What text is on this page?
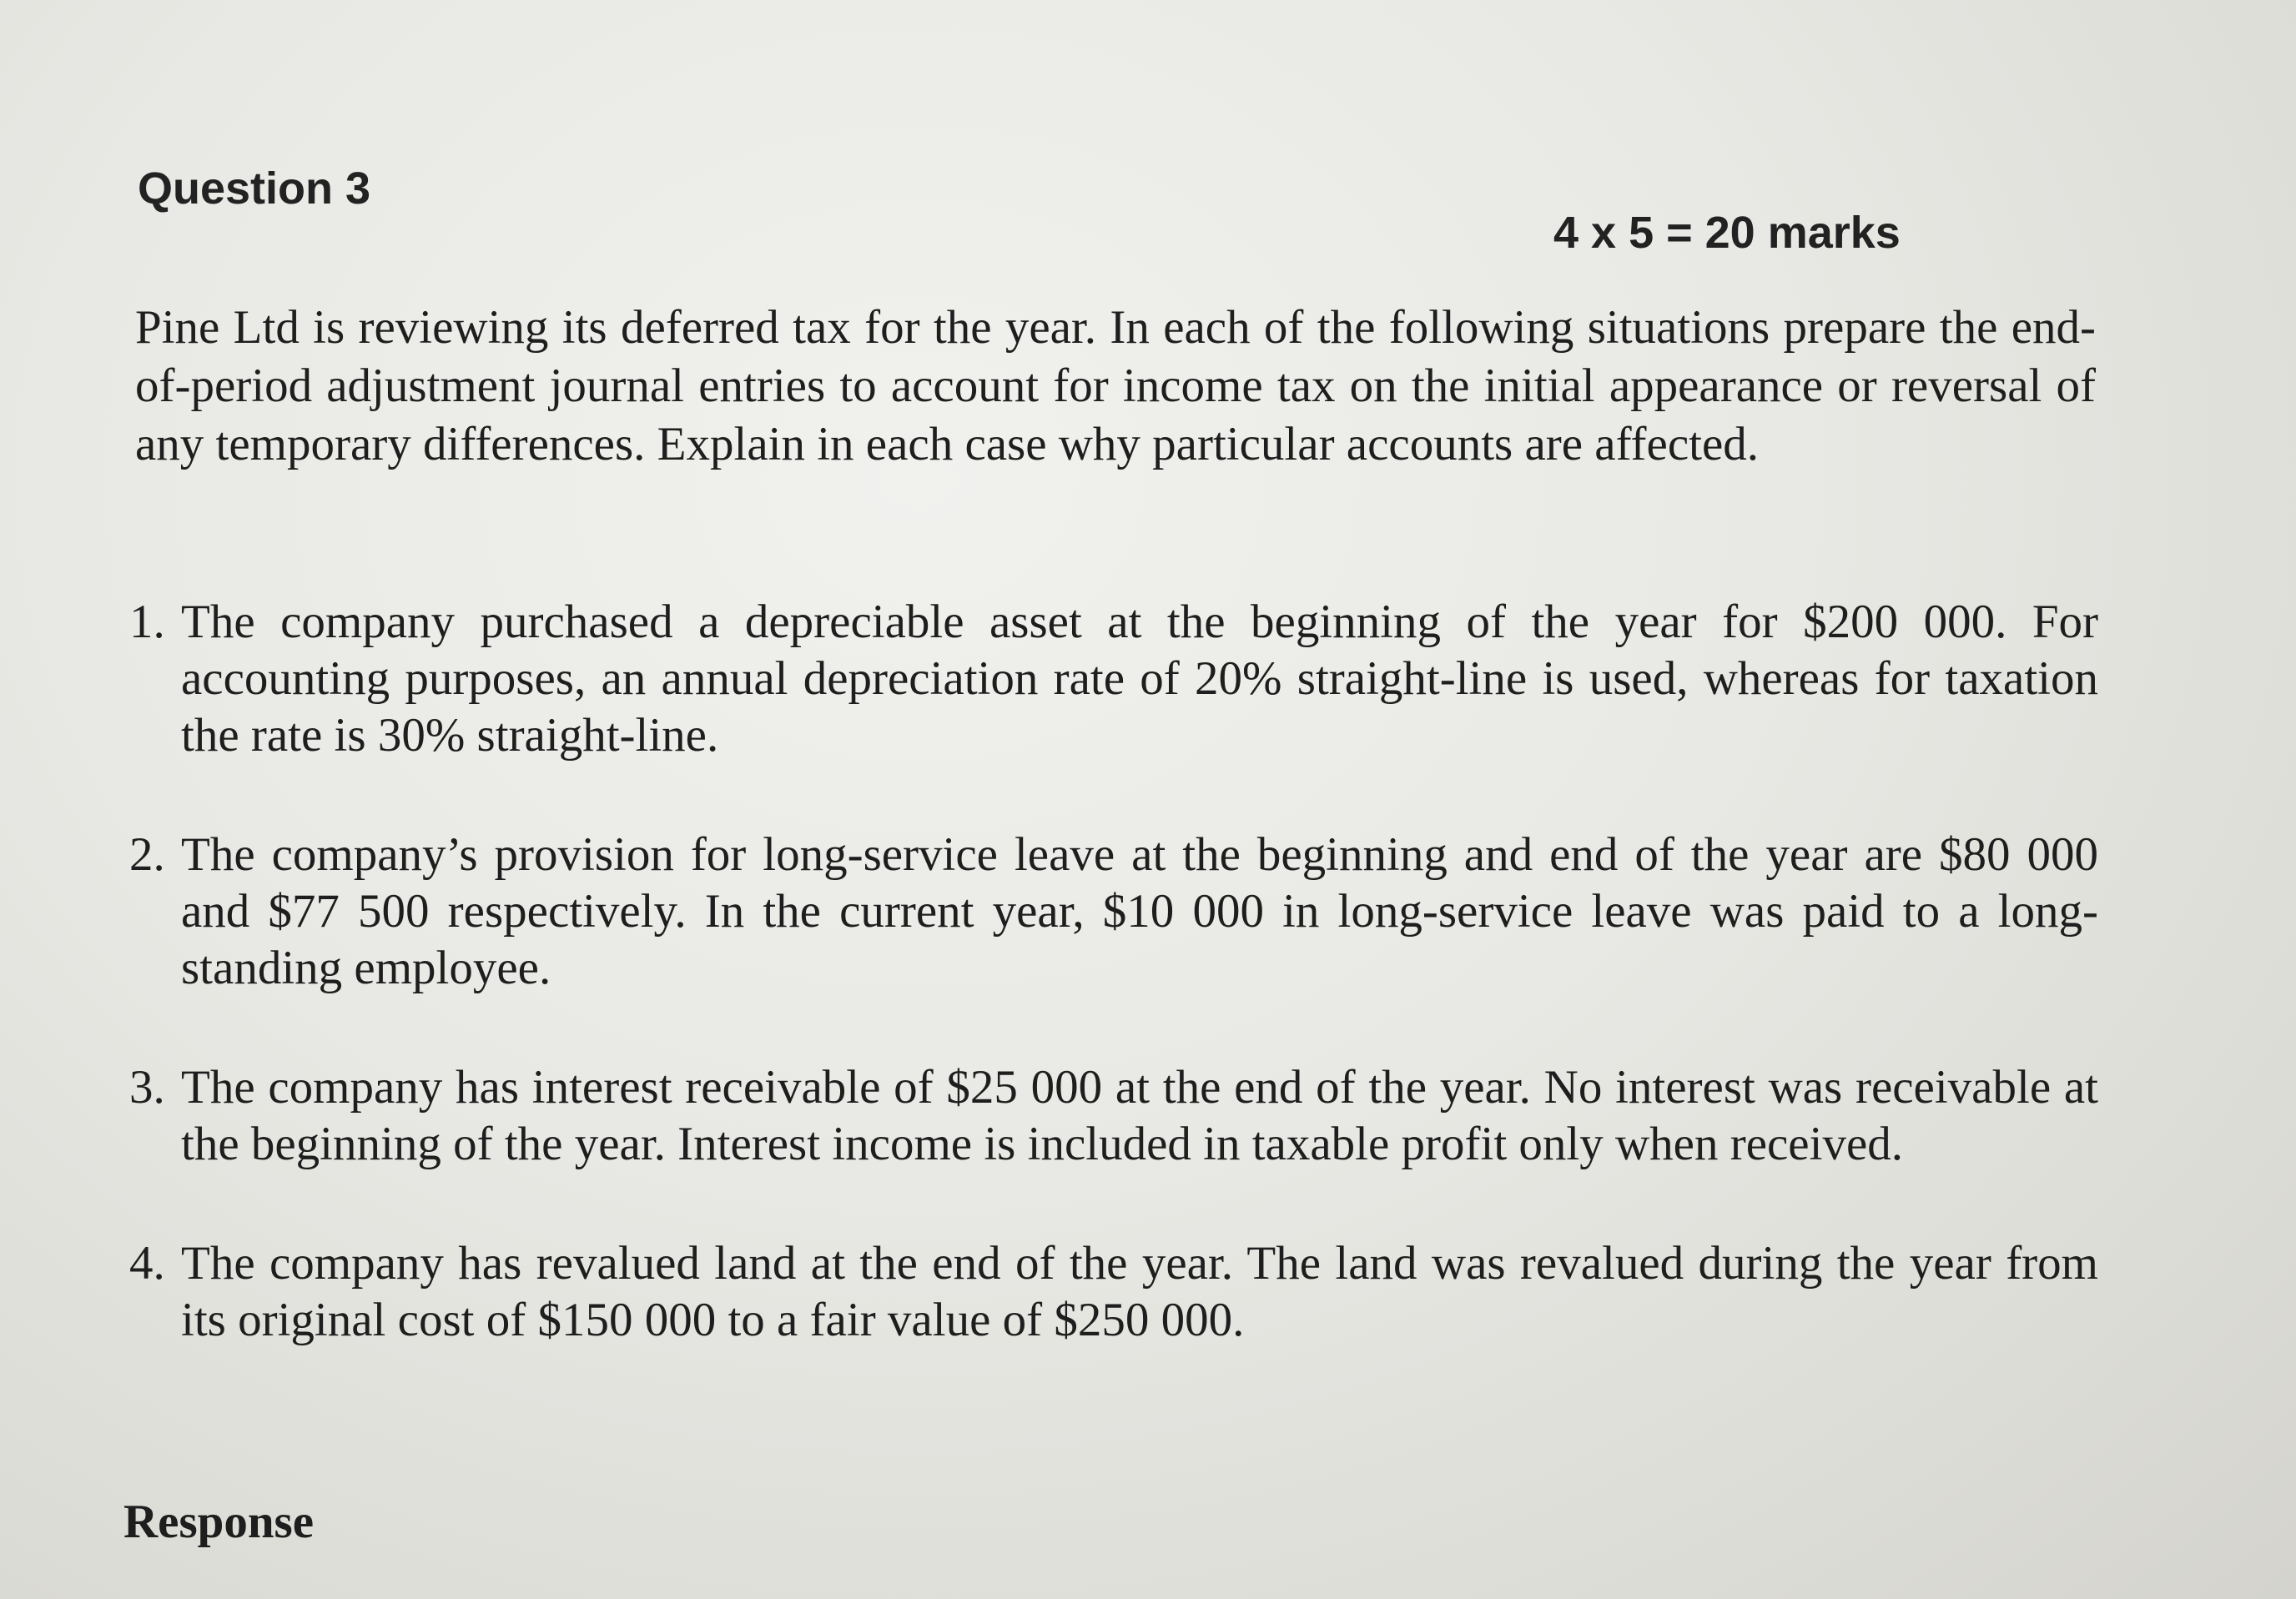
Question 3
4 x 5 = 20 marks

Pine Ltd is reviewing its deferred tax for the year. In each of the following situations prepare the end-of-period adjustment journal entries to account for income tax on the initial appearance or reversal of any temporary differences. Explain in each case why particular accounts are affected.

1. The company purchased a depreciable asset at the beginning of the year for $200 000. For accounting purposes, an annual depreciation rate of 20% straight-line is used, whereas for taxation the rate is 30% straight-line.
2. The company’s provision for long-service leave at the beginning and end of the year are $80 000 and $77 500 respectively. In the current year, $10 000 in long-service leave was paid to a long-standing employee.
3. The company has interest receivable of $25 000 at the end of the year. No interest was receivable at the beginning of the year. Interest income is included in taxable profit only when received.
4. The company has revalued land at the end of the year. The land was revalued during the year from its original cost of $150 000 to a fair value of $250 000.
Response
